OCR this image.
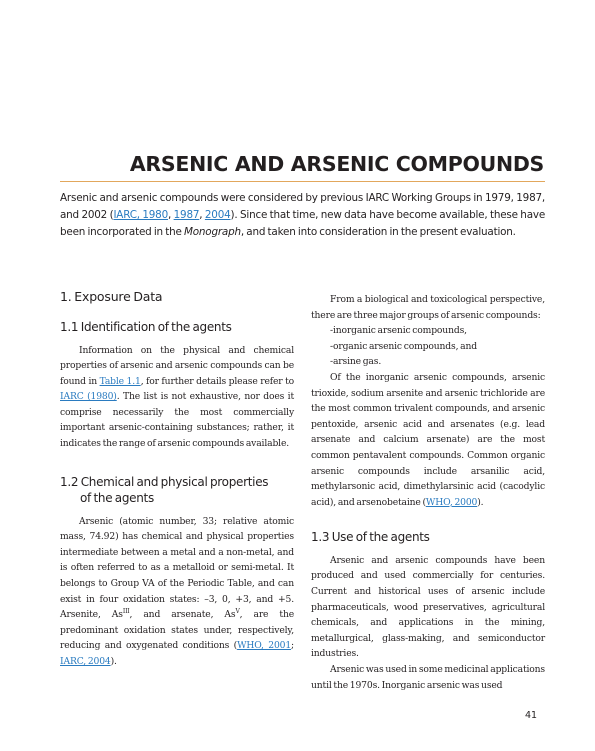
ARSENIC AND ARSENIC COMPOUNDS
Arsenic and arsenic compounds were considered by previous IARC Working Groups in 1979, 1987, and 2002 (IARC, 1980, 1987, 2004). Since that time, new data have become available, these have been incorporated in the Monograph, and taken into consideration in the present evaluation.
1. Exposure Data
1.1 Identification of the agents

Information on the physical and chemical properties of arsenic and arsenic compounds can be found in Table 1.1, for further details please refer to IARC (1980). The list is not exhaustive, nor does it comprise necessarily the most commercially important arsenic-containing substances; rather, it indicates the range of arsenic compounds available.

1.2 Chemical and physical properties
of the agents

Arsenic (atomic number, 33; relative atomic mass, 74.92) has chemical and physical properties intermediate between a metal and a non-metal, and is often referred to as a metalloid or semi-metal. It belongs to Group VA of the Periodic Table, and can exist in four oxidation states: –3, 0, +3, and +5. Arsenite, $As^{III}$, and arsenate, $As^V$, are the predominant oxidation states under, respectively, reducing and oxygenated conditions (WHO, 2001; IARC, 2004).

From a biological and toxicological perspective, there are three major groups of arsenic compounds:

-inorganic arsenic compounds,

-organic arsenic compounds, and

-arsine gas.

Of the inorganic arsenic compounds, arsenic trioxide, sodium arsenite and arsenic trichloride are the most common trivalent compounds, and arsenic pentoxide, arsenic acid and arsenates (e.g. lead arsenate and calcium arsenate) are the most common pentavalent compounds. Common organic arsenic compounds include arsanilic acid, methylarsonic acid, dimethylarsinic acid (cacodylic acid), and arsenobetaine (WHO, 2000).

1.3 Use of the agents

Arsenic and arsenic compounds have been produced and used commercially for centuries. Current and historical uses of arsenic include pharmaceuticals, wood preservatives, agricultural chemicals, and applications in the mining, metallurgical, glass-making, and semiconductor industries.

Arsenic was used in some medicinal applications until the 1970s. Inorganic arsenic was used

41
